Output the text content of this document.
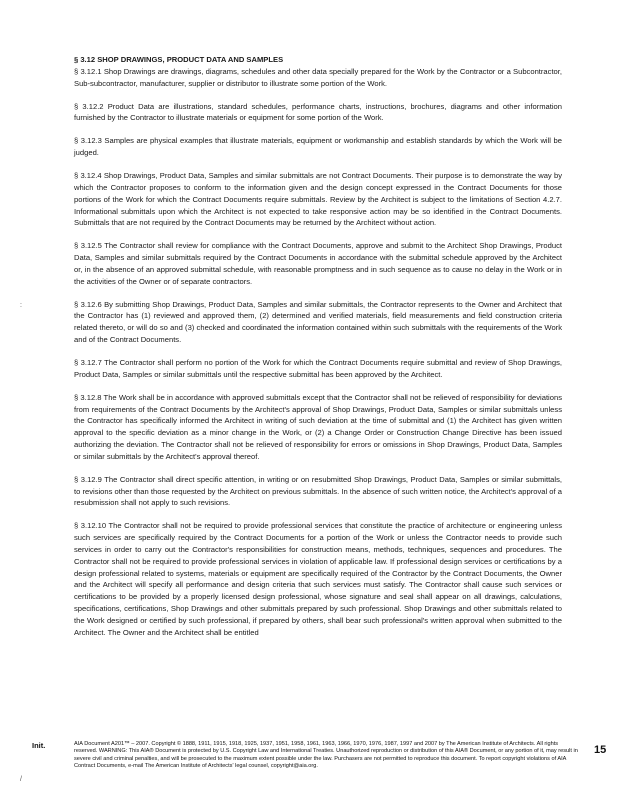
:
/

§ 3.12 SHOP DRAWINGS, PRODUCT DATA AND SAMPLES

§ 3.12.1 Shop Drawings are drawings, diagrams, schedules and other data specially prepared for the Work by the Contractor or a Subcontractor, Sub-subcontractor, manufacturer, supplier or distributor to illustrate some portion of the Work.

§ 3.12.2 Product Data are illustrations, standard schedules, performance charts, instructions, brochures, diagrams and other information furnished by the Contractor to illustrate materials or equipment for some portion of the Work.

§ 3.12.3 Samples are physical examples that illustrate materials, equipment or workmanship and establish standards by which the Work will be judged.

§ 3.12.4 Shop Drawings, Product Data, Samples and similar submittals are not Contract Documents. Their purpose is to demonstrate the way by which the Contractor proposes to conform to the information given and the design concept expressed in the Contract Documents for those portions of the Work for which the Contract Documents require submittals. Review by the Architect is subject to the limitations of Section 4.2.7. Informational submittals upon which the Architect is not expected to take responsive action may be so identified in the Contract Documents. Submittals that are not required by the Contract Documents may be returned by the Architect without action.

§ 3.12.5 The Contractor shall review for compliance with the Contract Documents, approve and submit to the Architect Shop Drawings, Product Data, Samples and similar submittals required by the Contract Documents in accordance with the submittal schedule approved by the Architect or, in the absence of an approved submittal schedule, with reasonable promptness and in such sequence as to cause no delay in the Work or in the activities of the Owner or of separate contractors.

§ 3.12.6 By submitting Shop Drawings, Product Data, Samples and similar submittals, the Contractor represents to the Owner and Architect that the Contractor has (1) reviewed and approved them, (2) determined and verified materials, field measurements and field construction criteria related thereto, or will do so and (3) checked and coordinated the information contained within such submittals with the requirements of the Work and of the Contract Documents.

§ 3.12.7 The Contractor shall perform no portion of the Work for which the Contract Documents require submittal and review of Shop Drawings, Product Data, Samples or similar submittals until the respective submittal has been approved by the Architect.

§ 3.12.8 The Work shall be in accordance with approved submittals except that the Contractor shall not be relieved of responsibility for deviations from requirements of the Contract Documents by the Architect's approval of Shop Drawings, Product Data, Samples or similar submittals unless the Contractor has specifically informed the Architect in writing of such deviation at the time of submittal and (1) the Architect has given written approval to the specific deviation as a minor change in the Work, or (2) a Change Order or Construction Change Directive has been issued authorizing the deviation. The Contractor shall not be relieved of responsibility for errors or omissions in Shop Drawings, Product Data, Samples or similar submittals by the Architect's approval thereof.

§ 3.12.9 The Contractor shall direct specific attention, in writing or on resubmitted Shop Drawings, Product Data, Samples or similar submittals, to revisions other than those requested by the Architect on previous submittals. In the absence of such written notice, the Architect's approval of a resubmission shall not apply to such revisions.

§ 3.12.10 The Contractor shall not be required to provide professional services that constitute the practice of architecture or engineering unless such services are specifically required by the Contract Documents for a portion of the Work or unless the Contractor needs to provide such services in order to carry out the Contractor's responsibilities for construction means, methods, techniques, sequences and procedures. The Contractor shall not be required to provide professional services in violation of applicable law. If professional design services or certifications by a design professional related to systems, materials or equipment are specifically required of the Contractor by the Contract Documents, the Owner and the Architect will specify all performance and design criteria that such services must satisfy. The Contractor shall cause such services or certifications to be provided by a properly licensed design professional, whose signature and seal shall appear on all drawings, calculations, specifications, certifications, Shop Drawings and other submittals prepared by such professional. Shop Drawings and other submittals related to the Work designed or certified by such professional, if prepared by others, shall bear such professional's written approval when submitted to the Architect. The Owner and the Architect shall be entitled

Init.	AIA Document A201™ – 2007. Copyright © 1888, 1911, 1915, 1918, 1925, 1937, 1951, 1958, 1961, 1963, 1966, 1970, 1976, 1987, 1997 and 2007 by The American Institute of Architects. All rights reserved. WARNING: This AIA® Document is protected by U.S. Copyright Law and International Treaties. Unauthorized reproduction or distribution of this AIA® Document, or any portion of it, may result in severe civil and criminal penalties, and will be prosecuted to the maximum extent possible under the law. Purchasers are not permitted to reproduce this document. To report copyright violations of AIA Contract Documents, e-mail The American Institute of Architects' legal counsel, copyright@aia.org.
15
